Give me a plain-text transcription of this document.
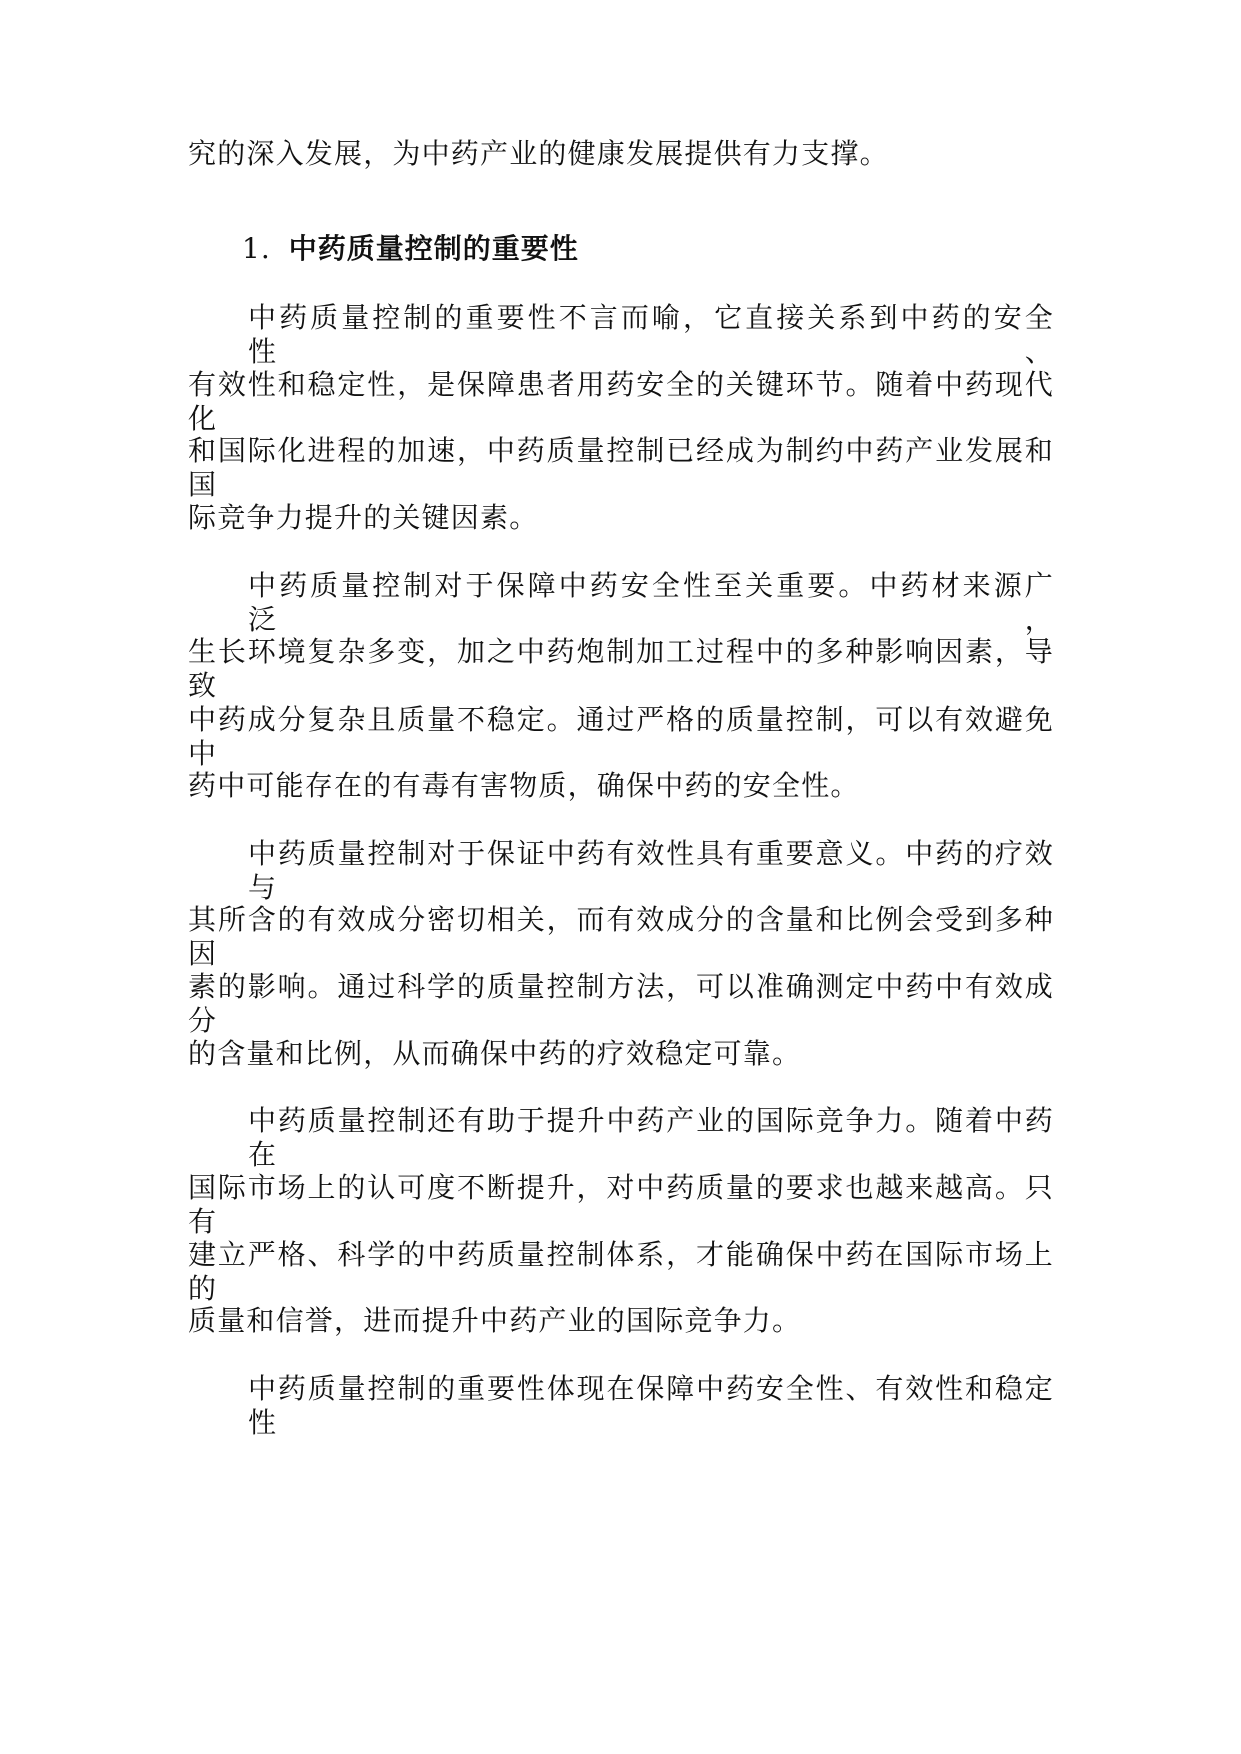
究的深入发展，为中药产业的健康发展提供有力支撑。
1. 中药质量控制的重要性
中药质量控制的重要性不言而喻，它直接关系到中药的安全性、
有效性和稳定性，是保障患者用药安全的关键环节。随着中药现代化
和国际化进程的加速，中药质量控制已经成为制约中药产业发展和国
际竞争力提升的关键因素。
中药质量控制对于保障中药安全性至关重要。中药材来源广泛，
生长环境复杂多变，加之中药炮制加工过程中的多种影响因素，导致
中药成分复杂且质量不稳定。通过严格的质量控制，可以有效避免中
药中可能存在的有毒有害物质，确保中药的安全性。
中药质量控制对于保证中药有效性具有重要意义。中药的疗效与
其所含的有效成分密切相关，而有效成分的含量和比例会受到多种因
素的影响。通过科学的质量控制方法，可以准确测定中药中有效成分
的含量和比例，从而确保中药的疗效稳定可靠。
中药质量控制还有助于提升中药产业的国际竞争力。随着中药在
国际市场上的认可度不断提升，对中药质量的要求也越来越高。只有
建立严格、科学的中药质量控制体系，才能确保中药在国际市场上的
质量和信誉，进而提升中药产业的国际竞争力。
中药质量控制的重要性体现在保障中药安全性、有效性和稳定性
